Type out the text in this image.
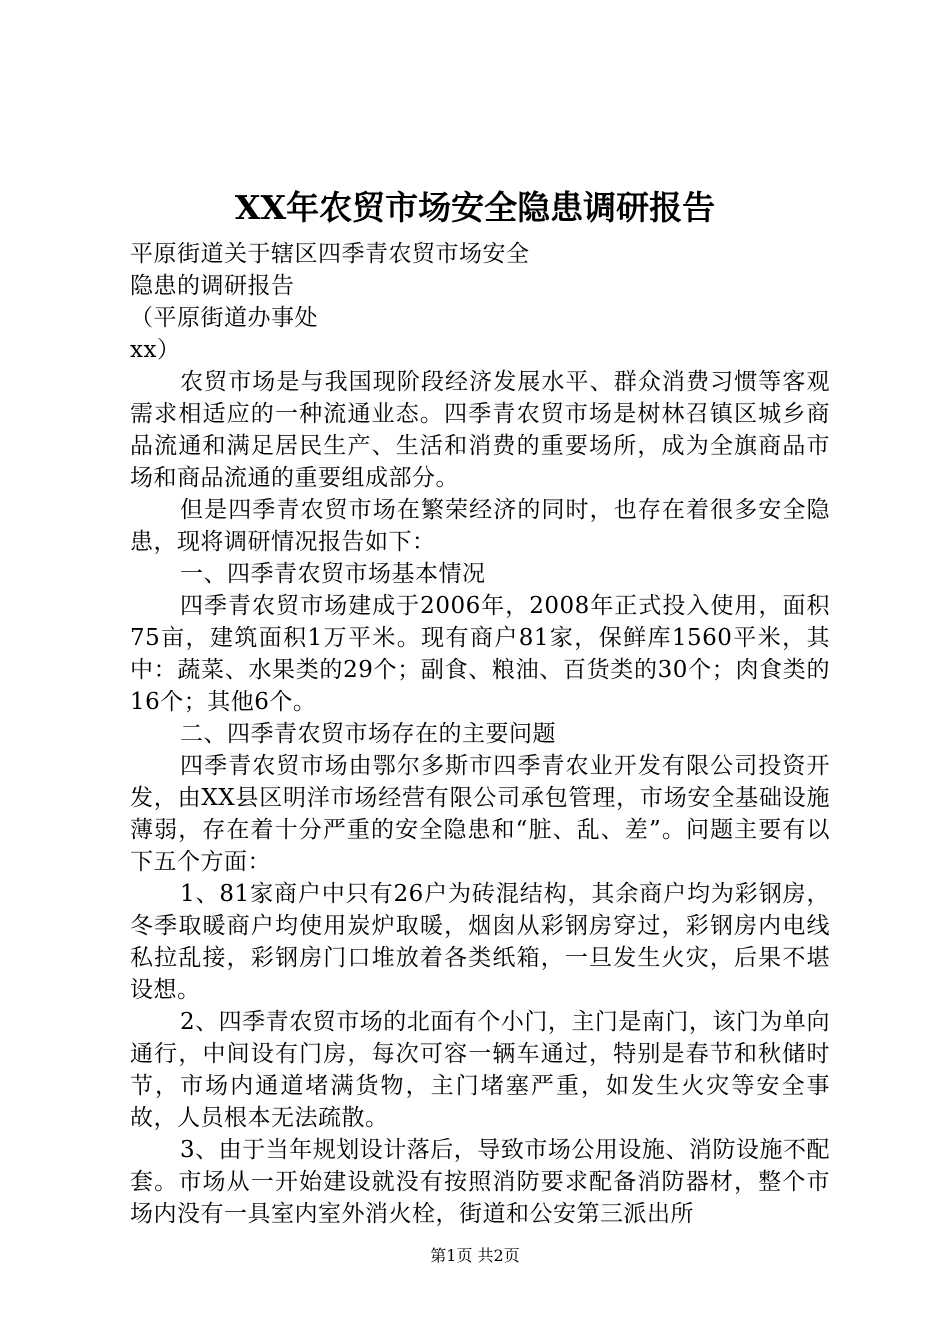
XX年农贸市场安全隐患调研报告

平原街道关于辖区四季青农贸市场安全

隐患的调研报告

（平原街道办事处

xx）

农贸市场是与我国现阶段经济发展水平、群众消费习惯等客观需求相适应的一种流通业态。四季青农贸市场是树林召镇区城乡商品流通和满足居民生产、生活和消费的重要场所，成为全旗商品市场和商品流通的重要组成部分。

但是四季青农贸市场在繁荣经济的同时，也存在着很多安全隐患，现将调研情况报告如下：

一、四季青农贸市场基本情况

四季青农贸市场建成于2006年，2008年正式投入使用，面积75亩，建筑面积1万平米。现有商户81家，保鲜库1560平米，其中：蔬菜、水果类的29个；副食、粮油、百货类的30个；肉食类的16个；其他6个。

二、四季青农贸市场存在的主要问题

四季青农贸市场由鄂尔多斯市四季青农业开发有限公司投资开发，由XX县区明洋市场经营有限公司承包管理，市场安全基础设施薄弱，存在着十分严重的安全隐患和“脏、乱、差”。问题主要有以下五个方面：

1、81家商户中只有26户为砖混结构，其余商户均为彩钢房，冬季取暖商户均使用炭炉取暖，烟囱从彩钢房穿过，彩钢房内电线私拉乱接，彩钢房门口堆放着各类纸箱，一旦发生火灾，后果不堪设想。

2、四季青农贸市场的北面有个小门，主门是南门，该门为单向通行，中间设有门房，每次可容一辆车通过，特别是春节和秋储时节，市场内通道堵满货物，主门堵塞严重，如发生火灾等安全事故，人员根本无法疏散。

3、由于当年规划设计落后，导致市场公用设施、消防设施不配套。市场从一开始建设就没有按照消防要求配备消防器材，整个市场内没有一具室内室外消火栓，街道和公安第三派出所

第1页 共2页
